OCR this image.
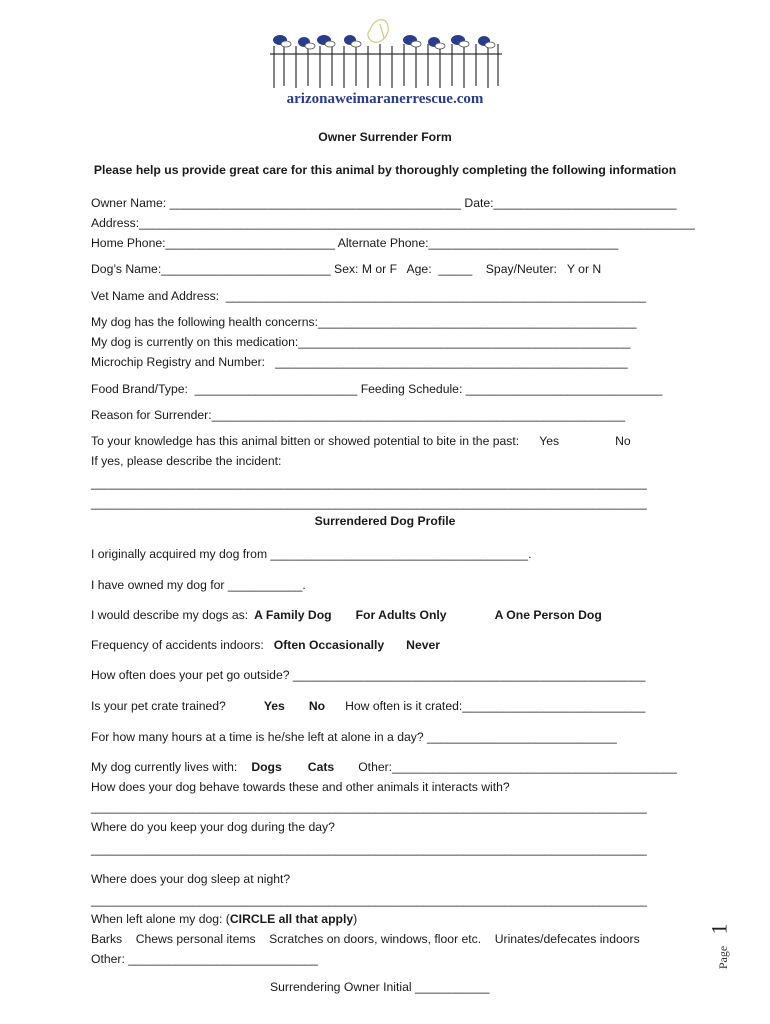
arizonaweimaranerrescue.com
Owner Surrender Form
Please help us provide great care for this animal by thoroughly completing the following information
Owner Name: ___________________________________________ Date:___________________________
Address:__________________________________________________________________________________
Home Phone:_________________________ Alternate Phone:____________________________
Dog’s Name:_________________________ Sex: M or F   Age:  _____    Spay/Neuter:   Y or N
Vet Name and Address:  ______________________________________________________________
My dog has the following health concerns:_______________________________________________
My dog is currently on this medication:_________________________________________________
Microchip Registry and Number:   ____________________________________________________
Food Brand/Type:  ________________________ Feeding Schedule: _____________________________
Reason for Surrender:_____________________________________________________________
To your knowledge has this animal bitten or showed potential to bite in the past: Yes	No
If yes, please describe the incident:
__________________________________________________________________________________
__________________________________________________________________________________
Surrendered Dog Profile
I originally acquired my dog from ______________________________________.
I have owned my dog for ___________.
I would describe my dogs as: A Family Dog For Adults Only	A One Person Dog
Frequency of accidents indoors: Often Occasionally Never
How often does your pet go outside? ____________________________________________________
Is your pet crate trained?	Yes No How often is it crated:___________________________
For how many hours at a time is he/she left at alone in a day? ____________________________
My dog currently lives with: Dogs Cats Other:__________________________________________
How does your dog behave towards these and other animals it interacts with?
__________________________________________________________________________________
Where do you keep your dog during the day?
__________________________________________________________________________________
Where does your dog sleep at night?
__________________________________________________________________________________
When left alone my dog: (CIRCLE all that apply)
Barks    Chews personal items    Scratches on doors, windows, floor etc.    Urinates/defecates indoors
Other: ____________________________
Surrendering Owner Initial ___________
Page
1
